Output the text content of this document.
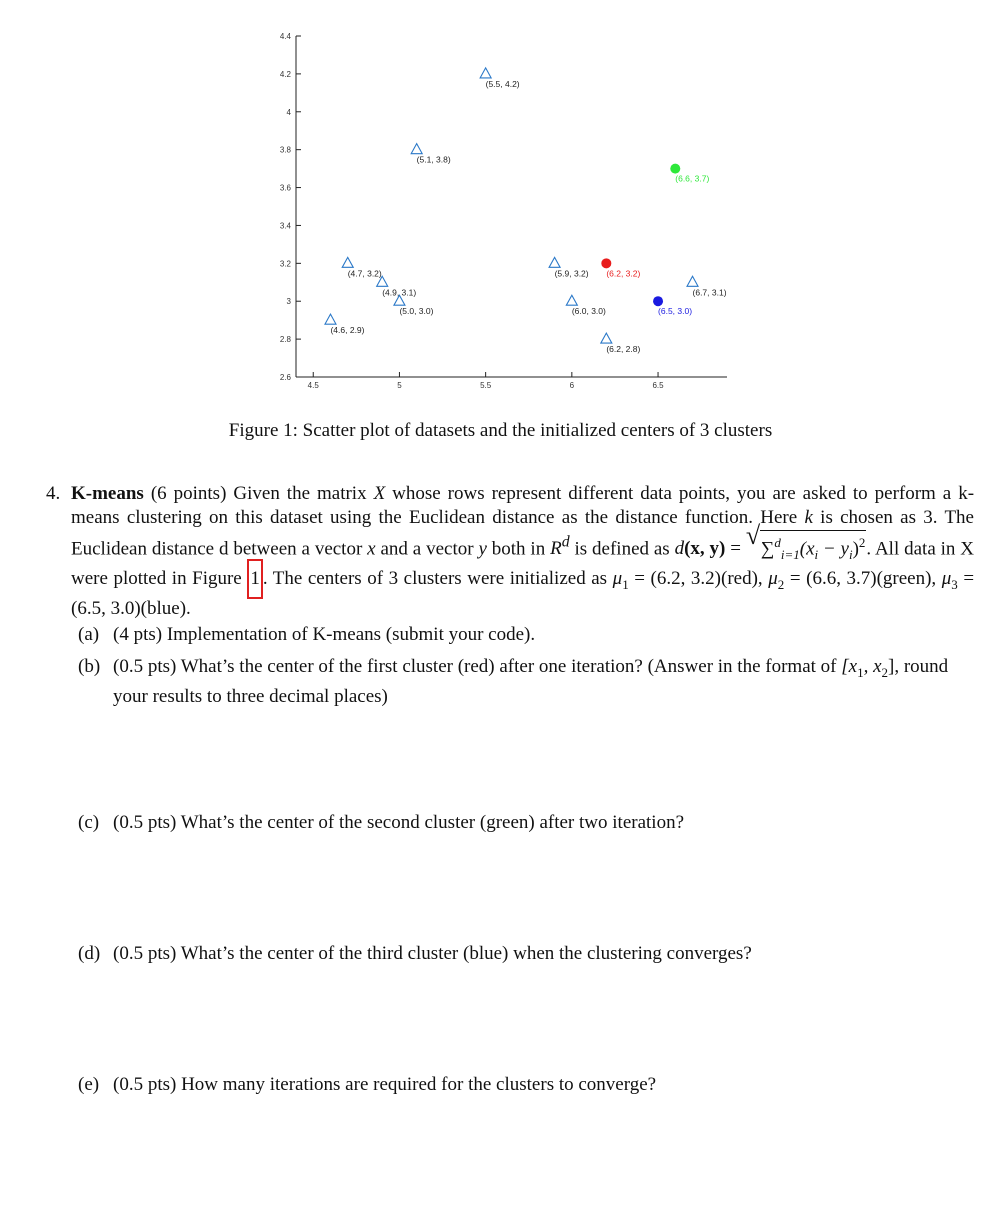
2.6
2.8
3
3.2
3.4
3.6
3.8
4
4.2
4.4
4.5	5	5.5	6	6.5
(5.5, 4.2)
(5.1, 3.8)
(4.7, 3.2)
(4.9, 3.1)
(5.0, 3.0)
(4.6, 2.9)
(5.9, 3.2)
(6.0, 3.0)
(6.2, 2.8)
(6.7, 3.1)
(6.2, 3.2)
(6.6, 3.7)
(6.5, 3.0)
Figure 1: Scatter plot of datasets and the initialized centers of 3 clusters
4. K-means (6 points) Given the matrix X whose rows represent different data points, you are asked to perform a k-means clustering on this dataset using the Euclidean distance as the distance function. Here k is chosen as 3. The Euclidean distance d between a vector x and a vector y both in $R^d$ is defined as d(x, y) = √ $\sum^d_{i=1}(x_i - y_i)^2$. All data in X were plotted in Figure 1 . The centers of 3 clusters were initialized as $\mu_1 = (6.2$, 3.2)(red), $\mu_2 = (6.6$, 3.7)(green), $\mu_3 = (6.5$, 3.0)(blue).
(a) (4 pts) Implementation of K-means (submit your code).
(b) (0.5 pts) What’s the center of the first cluster (red) after one iteration? (Answer in the format of [$x_1$, $x_2$], round your results to three decimal places)
(c) (0.5 pts) What’s the center of the second cluster (green) after two iteration?
(d) (0.5 pts) What’s the center of the third cluster (blue) when the clustering converges?
(e) (0.5 pts) How many iterations are required for the clusters to converge?
